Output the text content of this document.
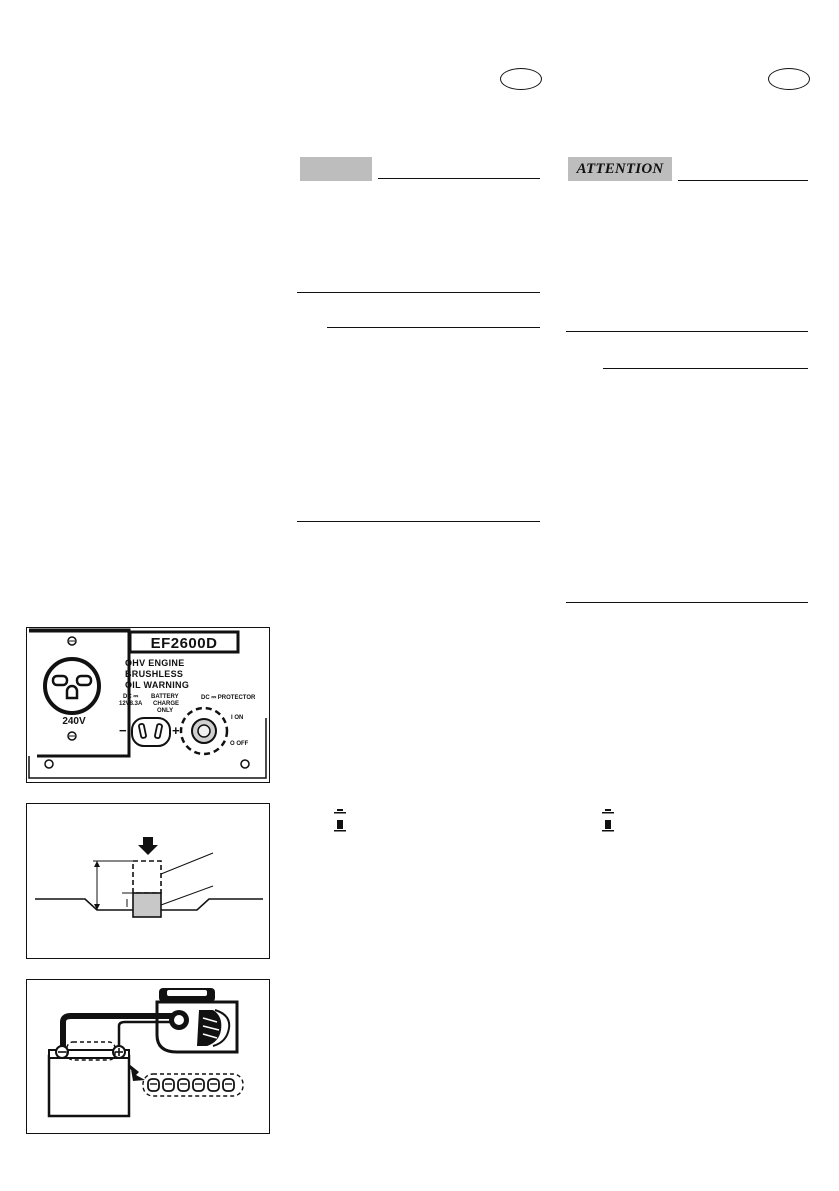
ATTENTION
EF2600D
OHV ENGINE
BRUSHLESS
OIL WARNING
240V
DC ⎓
12V8.3A
BATTERY
CHARGE
ONLY
DC ⎓ PROTECTOR
I ON
O OFF
−	+
